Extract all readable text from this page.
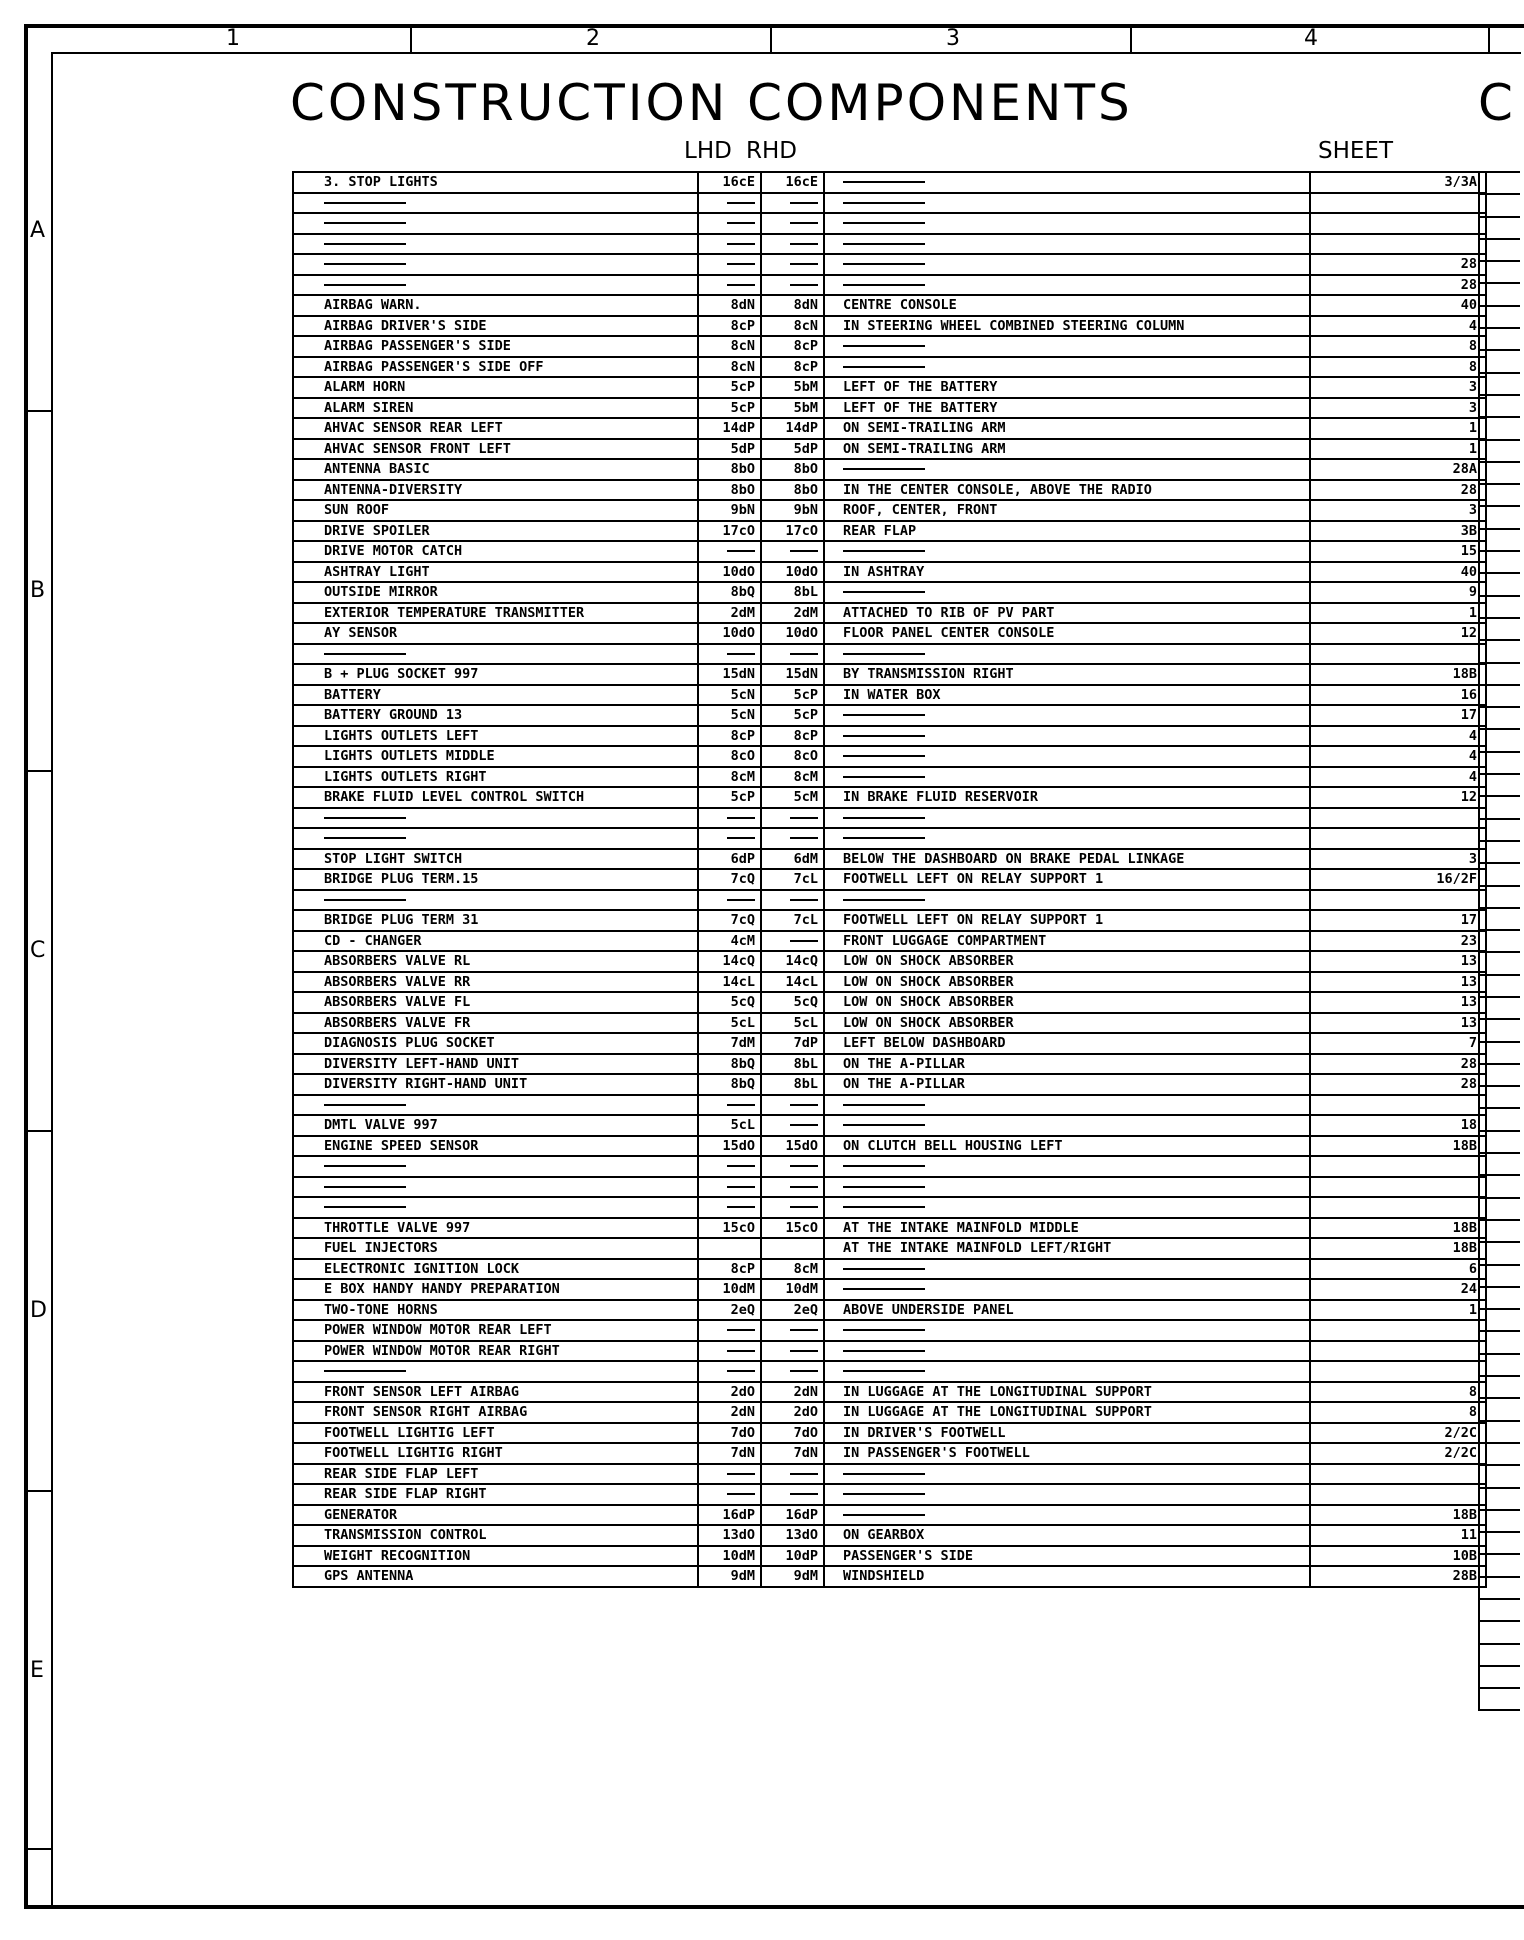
1	2	3	4
A
B
C
D
E
CONSTRUCTION COMPONENTS	C
LHD RHD	SHEET
3. STOP LIGHTS	16cE	16cE		3/3A

				28
				28
AIRBAG WARN.	8dN	8dN	CENTRE CONSOLE	40
AIRBAG DRIVER'S SIDE	8cP	8cN	IN STEERING WHEEL COMBINED STEERING COLUMN	4
AIRBAG PASSENGER'S SIDE	8cN	8cP		8
AIRBAG PASSENGER'S SIDE OFF	8cN	8cP		8
ALARM HORN	5cP	5bM	LEFT OF THE BATTERY	3
ALARM SIREN	5cP	5bM	LEFT OF THE BATTERY	3
AHVAC SENSOR REAR LEFT	14dP	14dP	ON SEMI-TRAILING ARM	1
AHVAC SENSOR FRONT LEFT	5dP	5dP	ON SEMI-TRAILING ARM	1
ANTENNA BASIC	8bO	8bO		28A
ANTENNA-DIVERSITY	8bO	8bO	IN THE CENTER CONSOLE, ABOVE THE RADIO	28
SUN ROOF	9bN	9bN	ROOF, CENTER, FRONT	3
DRIVE SPOILER	17cO	17cO	REAR FLAP	3B
DRIVE MOTOR CATCH				15
ASHTRAY LIGHT	10dO	10dO	IN ASHTRAY	40
OUTSIDE MIRROR	8bQ	8bL		9
EXTERIOR TEMPERATURE TRANSMITTER	2dM	2dM	ATTACHED TO RIB OF PV PART	1
AY SENSOR	10dO	10dO	FLOOR PANEL CENTER CONSOLE	12

B + PLUG SOCKET 997	15dN	15dN	BY TRANSMISSION RIGHT	18B
BATTERY	5cN	5cP	IN WATER BOX	16
BATTERY GROUND 13	5cN	5cP		17
LIGHTS OUTLETS LEFT	8cP	8cP		4
LIGHTS OUTLETS MIDDLE	8cO	8cO		4
LIGHTS OUTLETS RIGHT	8cM	8cM		4
BRAKE FLUID LEVEL CONTROL SWITCH	5cP	5cM	IN BRAKE FLUID RESERVOIR	12

STOP LIGHT SWITCH	6dP	6dM	BELOW THE DASHBOARD ON BRAKE PEDAL LINKAGE	3
BRIDGE PLUG TERM.15	7cQ	7cL	FOOTWELL LEFT ON RELAY SUPPORT 1	16/2F

BRIDGE PLUG TERM 31	7cQ	7cL	FOOTWELL LEFT ON RELAY SUPPORT 1	17
CD - CHANGER	4cM		FRONT LUGGAGE COMPARTMENT	23
ABSORBERS VALVE RL	14cQ	14cQ	LOW ON SHOCK ABSORBER	13
ABSORBERS VALVE RR	14cL	14cL	LOW ON SHOCK ABSORBER	13
ABSORBERS VALVE FL	5cQ	5cQ	LOW ON SHOCK ABSORBER	13
ABSORBERS VALVE FR	5cL	5cL	LOW ON SHOCK ABSORBER	13
DIAGNOSIS PLUG SOCKET	7dM	7dP	LEFT BELOW DASHBOARD	7
DIVERSITY LEFT-HAND UNIT	8bQ	8bL	ON THE A-PILLAR	28
DIVERSITY RIGHT-HAND UNIT	8bQ	8bL	ON THE A-PILLAR	28

DMTL VALVE 997	5cL			18
ENGINE SPEED SENSOR	15dO	15dO	ON CLUTCH BELL HOUSING LEFT	18B

THROTTLE VALVE 997	15cO	15cO	AT THE INTAKE MAINFOLD MIDDLE	18B
FUEL INJECTORS			AT THE INTAKE MAINFOLD LEFT/RIGHT	18B
ELECTRONIC IGNITION LOCK	8cP	8cM		6
E BOX HANDY HANDY PREPARATION	10dM	10dM		24
TWO-TONE HORNS	2eQ	2eQ	ABOVE UNDERSIDE PANEL	1
POWER WINDOW MOTOR REAR LEFT				
POWER WINDOW MOTOR REAR RIGHT				

FRONT SENSOR LEFT AIRBAG	2dO	2dN	IN LUGGAGE AT THE LONGITUDINAL SUPPORT	8
FRONT SENSOR RIGHT AIRBAG	2dN	2dO	IN LUGGAGE AT THE LONGITUDINAL SUPPORT	8
FOOTWELL LIGHTIG LEFT	7dO	7dO	IN DRIVER'S FOOTWELL	2/2C
FOOTWELL LIGHTIG RIGHT	7dN	7dN	IN PASSENGER'S FOOTWELL	2/2C
REAR SIDE FLAP LEFT				
REAR SIDE FLAP RIGHT				
GENERATOR	16dP	16dP		18B
TRANSMISSION CONTROL	13dO	13dO	ON GEARBOX	11
WEIGHT RECOGNITION	10dM	10dP	PASSENGER'S SIDE	10B
GPS ANTENNA	9dM	9dM	WINDSHIELD	28B
